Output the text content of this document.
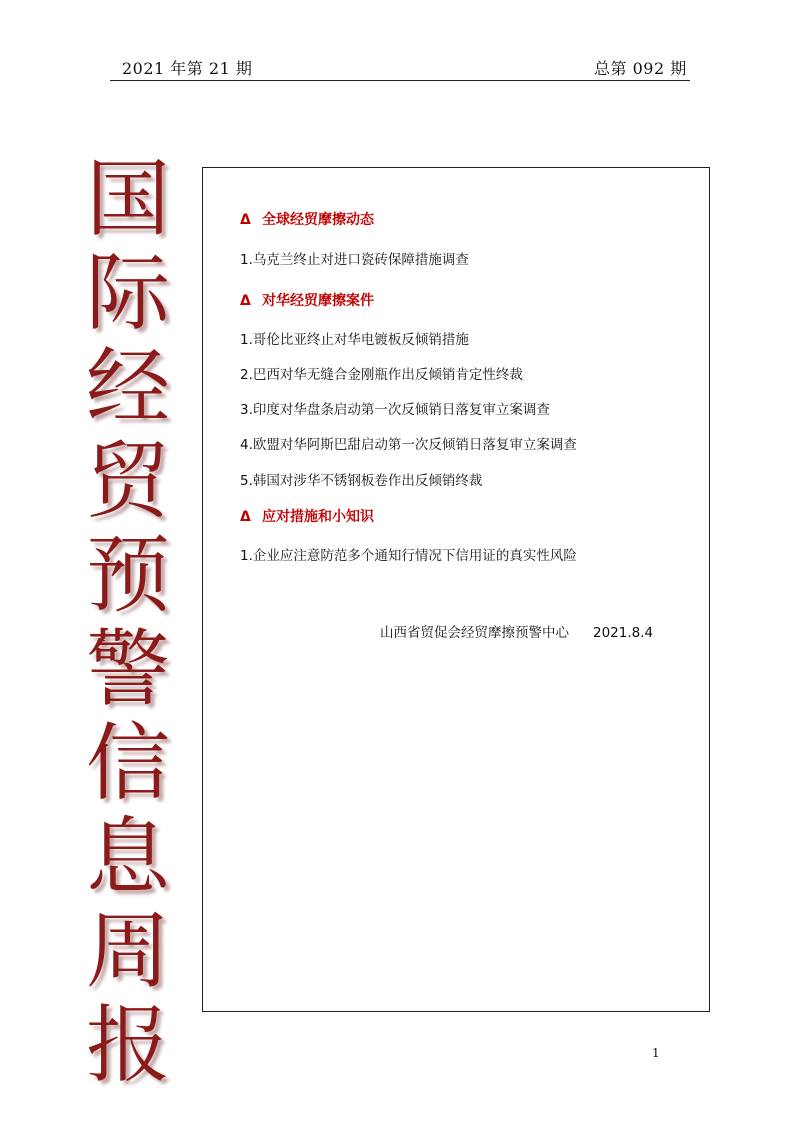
2021 年第 21 期	总第 092 期
国
际
经
贸
预
警
信
息
周
报
Δ 全球经贸摩擦动态
1.乌克兰终止对进口瓷砖保障措施调查
Δ 对华经贸摩擦案件
1.哥伦比亚终止对华电镀板反倾销措施
2.巴西对华无缝合金刚瓶作出反倾销肯定性终裁
3.印度对华盘条启动第一次反倾销日落复审立案调查
4.欧盟对华阿斯巴甜启动第一次反倾销日落复审立案调查
5.韩国对涉华不锈钢板卷作出反倾销终裁
Δ 应对措施和小知识
1.企业应注意防范多个通知行情况下信用证的真实性风险
山西省贸促会经贸摩擦预警中心 2021.8.4
1
